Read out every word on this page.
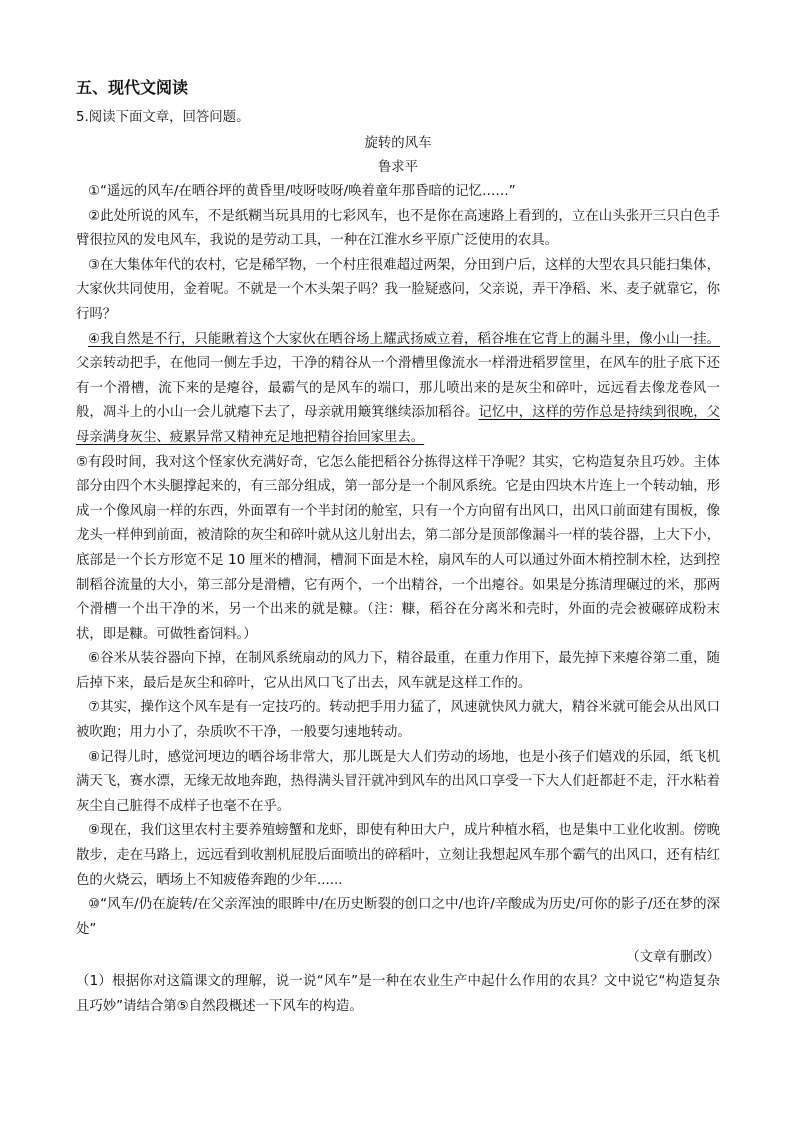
五、现代文阅读

5.阅读下面文章，回答问题。

旋转的风车

鲁求平

①“遥远的风车/在晒谷坪的黄昏里/吱呀吱呀/唤着童年那昏暗的记忆……”

②此处所说的风车，不是纸糊当玩具用的七彩风车，也不是你在高速路上看到的，立在山头张开三只白色手臂很拉风的发电风车，我说的是劳动工具，一种在江淮水乡平原广泛使用的农具。

③在大集体年代的农村，它是稀罕物，一个村庄很难超过两架，分田到户后，这样的大型农具只能扫集体，大家伙共同使用，金着呢。不就是一个木头架子吗？我一脸疑惑问，父亲说，弄干净稻、米、麦子就靠它，你行吗？

④我自然是不行，只能瞅着这个大家伙在晒谷场上耀武扬威立着，稻谷堆在它背上的漏斗里，像小山一挂。父亲转动把手，在他同一侧左手边，干净的精谷从一个滑槽里像流水一样滑进稻罗筐里，在风车的肚子底下还有一个滑槽，流下来的是瘪谷，最霸气的是风车的端口，那儿喷出来的是灰尘和碎叶，远远看去像龙卷风一般，凋斗上的小山一会儿就瘪下去了，母亲就用簸箕继续添加稻谷。记忆中，这样的劳作总是持续到很晚，父母亲满身灰尘、疲累异常又精神充足地把精谷抬回家里去。

⑤有段时间，我对这个怪家伙充满好奇，它怎么能把稻谷分拣得这样干净呢？其实，它构造复杂且巧妙。主体部分由四个木头腿撑起来的，有三部分组成，第一部分是一个制风系统。它是由四块木片连上一个转动轴，形成一个像风扇一样的东西，外面罩有一个半封闭的舱室，只有一个方向留有出风口，出风口前面建有围板，像龙头一样伸到前面，被清除的灰尘和碎叶就从这儿射出去，第二部分是顶部像漏斗一样的装谷器，上大下小，底部是一个长方形宽不足 10 厘米的槽洞，槽洞下面是木栓，扇风车的人可以通过外面木梢控制木栓，达到控制稻谷流量的大小，第三部分是滑槽，它有两个，一个出精谷，一个出瘪谷。如果是分拣清理碾过的米，那两个滑槽一个出干净的米，另一个出来的就是糠。（注：糠，稻谷在分离米和壳时，外面的壳会被碾碎成粉末状，即是糠。可做牲畜饲料。）

⑥谷米从装谷器向下掉，在制风系统扇动的风力下，精谷最重，在重力作用下，最先掉下来瘪谷第二重，随后掉下来，最后是灰尘和碎叶，它从出风口飞了出去，风车就是这样工作的。

⑦其实，操作这个风车是有一定技巧的。转动把手用力猛了，风速就快风力就大，精谷米就可能会从出风口被吹跑；用力小了，杂质吹不干净，一般要匀速地转动。

⑧记得儿时，感觉河埂边的晒谷场非常大，那儿既是大人们劳动的场地，也是小孩子们嬉戏的乐园，纸飞机满天飞，赛水漂，无缘无故地奔跑，热得满头冒汗就冲到风车的出风口享受一下大人们赶都赶不走，汗水粘着灰尘自己脏得不成样子也毫不在乎。

⑨现在，我们这里农村主要养殖螃蟹和龙虾，即使有种田大户，成片种植水稻，也是集中工业化收割。傍晚散步，走在马路上，远远看到收割机屁股后面喷出的碎稻叶，立刻让我想起风车那个霸气的出风口，还有桔红色的火烧云，晒场上不知疲倦奔跑的少年......

⑩“风车/仍在旋转/在父亲浑浊的眼眸中/在历史断裂的创口之中/也许/辛酸成为历史/可你的影子/还在梦的深处”

（文章有删改）

（1）根据你对这篇课文的理解，说一说“风车”是一种在农业生产中起什么作用的农具？文中说它“构造复杂且巧妙”请结合第⑤自然段概述一下风车的构造。
